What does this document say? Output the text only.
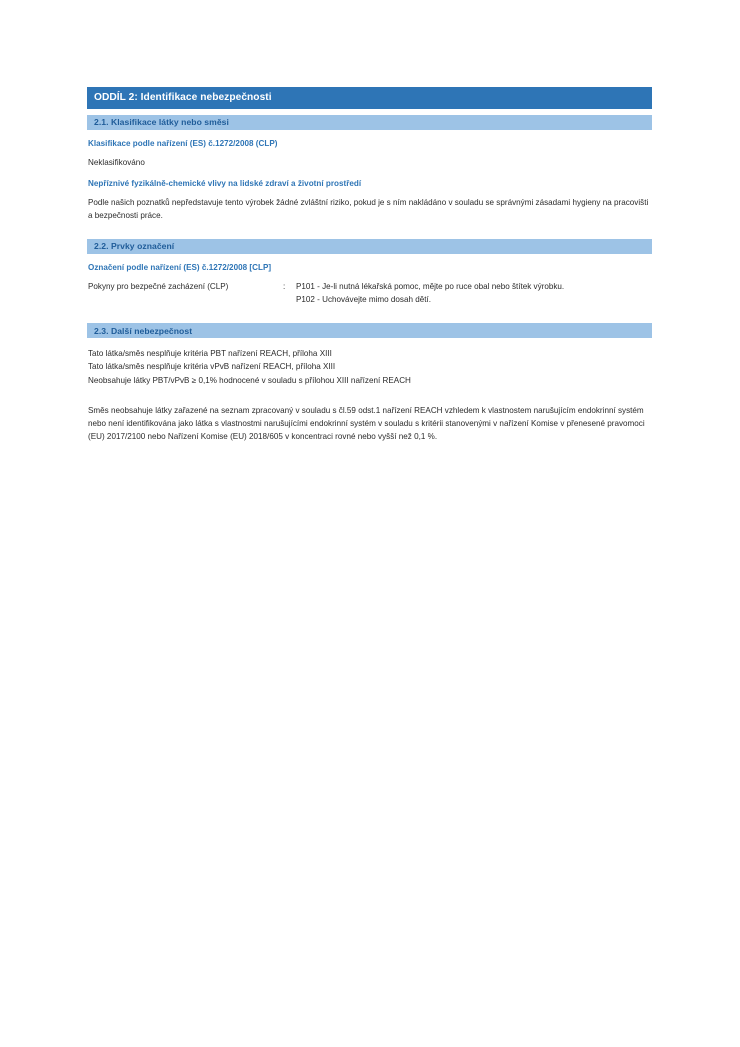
ODDÍL 2: Identifikace nebezpečnosti
2.1. Klasifikace látky nebo směsi
Klasifikace podle nařízení (ES) č.1272/2008 (CLP)
Neklasifikováno
Nepříznivé fyzikálně-chemické vlivy na lidské zdraví a životní prostředí
Podle našich poznatků nepředstavuje tento výrobek žádné zvláštní riziko, pokud je s ním nakládáno v souladu se správnými zásadami hygieny na pracovišti a bezpečnosti práce.
2.2. Prvky označení
Označení podle nařízení (ES) č.1272/2008 [CLP]
Pokyny pro bezpečné zacházení (CLP)	:	P101 - Je-li nutná lékařská pomoc, mějte po ruce obal nebo štítek výrobku.
P102 - Uchovávejte mimo dosah dětí.
2.3. Další nebezpečnost
Tato látka/směs nesplňuje kritéria PBT nařízení REACH, příloha XIII
Tato látka/směs nesplňuje kritéria vPvB nařízení REACH, příloha XIII
Neobsahuje látky PBT/vPvB ≥ 0,1% hodnocené v souladu s přílohou XIII nařízení REACH
Směs neobsahuje látky zařazené na seznam zpracovaný v souladu s čl.59 odst.1 nařízení REACH vzhledem k vlastnostem narušujícím endokrinní systém nebo není identifikována jako látka s vlastnostmi narušujícími endokrinní systém v souladu s kritérii stanovenými v nařízení Komise v přenesené pravomoci (EU) 2017/2100 nebo Nařízení Komise (EU) 2018/605 v koncentraci rovné nebo vyšší než 0,1 %.
